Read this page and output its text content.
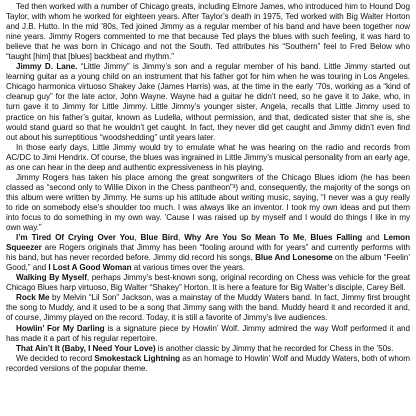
Ted then worked with a number of Chicago greats, including Elmore James, who introduced him to Hound Dog Taylor, with whom he worked for eighteen years. After Taylor’s death in 1975, Ted worked with Big Walter Horton and J.B. Hutto. In the mid ’80s, Ted joined Jimmy as a regular member of his band and have been together now nine years. Jimmy Rogers commented to me that because Ted plays the blues with such feeling, it was hard to believe that he was born in Chicago and not the South. Ted attributes his “Southern” feel to Fred Below who “taught [him] that [blues] backbeat and rhythm.”

Jimmy D. Lane. “Little Jimmy” is Jimmy’s son and a regular member of his band. Little Jimmy started out learning guitar as a young child on an instrument that his father got for him when he was touring in Los Angeles. Chicago harmonica virtuoso Shakey Jake (James Harris) was, at the time in the early ’70s, working as a “kind of cleanup guy” for the late actor, John Wayne. Wayne had a guitar he didn’t need, so he gave it to Jake, who, in turn gave it to Jimmy for Little Jimmy. Little Jimmy’s younger sister, Angela, recalls that Little Jimmy used to practice on his father’s guitar, known as Ludella, without permission, and that, dedicated sister that she is, she would stand guard so that he wouldn’t get caught. In fact, they never did get caught and Jimmy didn’t even find out about his surreptitious “woodshedding” until years later.

In those early days, Little Jimmy would try to emulate what he was hearing on the radio and records from AC/DC to Jimi Hendrix. Of course, the blues was ingrained in Little Jimmy’s musical personality from an early age, as one can hear in the deep and authentic expressiveness in his playing.

Jimmy Rogers has taken his place among the great songwriters of the Chicago Blues idiom (he has been classed as “second only to Willie Dixon in the Chess pantheon”³) and, consequently, the majority of the songs on this album were written by Jimmy. He sums up his attitude about writing music, saying, “I never was a guy really to ride on somebody else’s shoulder too much. I was always like an inventor. I took my own ideas and put them into focus to do something in my own way. ’Cause I was raised up by myself and I would do things I like in my own way.”

I’m Tired Of Crying Over You, Blue Bird, Why Are You So Mean To Me, Blues Falling and Lemon Squeezer are Rogers originals that Jimmy has been “fooling around with for years” and currently performs with his band, but has never recorded before. Jimmy did record his songs, Blue And Lonesome on the album “Feelin’ Good,” and I Lost A Good Woman at various times over the years.

Walking By Myself, perhaps Jimmy’s best-known song, original recording on Chess was vehicle for the great Chicago Blues harp virtuoso, Big Walter “Shakey” Horton. It is here a feature for Big Walter’s disciple, Carey Bell.

Rock Me by Melvin “Lil Son” Jackson, was a mainstay of the Muddy Waters band. In fact, Jimmy first brought the song to Muddy, and it used to be a song that Jimmy sang with the band. Muddy heard it and recorded it and, of course, Jimmy played on the record. Today, it is still a favorite of Jimmy’s live audiences.

Howlin’ For My Darling is a signature piece by Howlin’ Wolf. Jimmy admired the way Wolf performed it and has made it a part of his regular repertoire.

That Ain’t It (Baby, I Need Your Love) is another classic by Jimmy that he recorded for Chess in the ’50s.

We decided to record Smokestack Lightning as an homage to Howlin’ Wolf and Muddy Waters, both of whom recorded versions of the popular theme.
